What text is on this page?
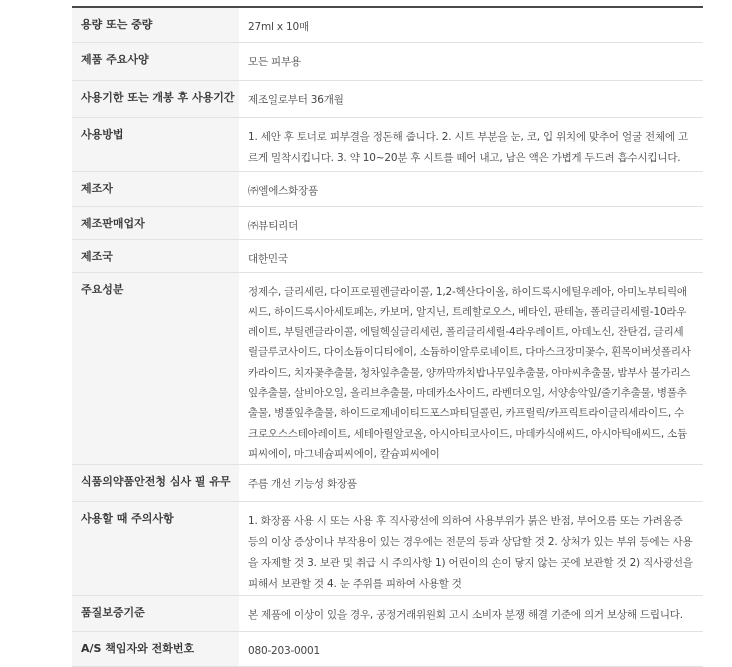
용량 또는 중량	27ml x 10매
제품 주요사양	모든 피부용
사용기한 또는 개봉 후 사용기간	제조일로부터 36개월
사용방법	1. 세안 후 토너로 피부결을 정돈해 줍니다. 2. 시트 부분을 눈, 코, 입 위치에 맞추어 얼굴 전체에 고르게 밀착시킵니다. 3. 약 10~20분 후 시트를 떼어 내고, 남은 액은 가볍게 두드려 흡수시킵니다.
제조자	㈜엘에스화장품
제조판매업자	㈜뷰티리더
제조국	대한민국
주요성분	정제수, 글리세린, 다이프로필렌글라이콜, 1,2-헥산다이올, 하이드록시에틸우레아, 아미노부티릭애씨드, 하이드록시아세토페논, 카보머, 알지닌, 트레할로오스, 베타인, 판테놀, 폴리글리세릴-10라우레이트, 부틸렌글라이콜, 에틸헥실글리세린, 폴리글리세릴-4라우레이트, 아데노신, 잔탄검, 글리세릴글루코사이드, 다이소듐이디티에이, 소듐하이알루로네이트, 다마스크장미꽃수, 흰목이버섯폴리사카라이드, 치자꽃추출물, 청차잎추출물, 양까막까치밥나무잎추출물, 아마씨추출물, 밤부사 불가리스잎추출물, 살비아오일, 올리브추출물, 마데카소사이드, 라벤더오일, 서양송악잎/줄기추출물, 병풀추출물, 병풀잎추출물, 하이드로제네이티드포스파티딜콜린, 카프릴릭/카프릭트라이글리세라이드, 수크로오스스테아레이트, 세테아릴알코올, 아시아티코사이드, 마데카식애씨드, 아시아틱애씨드, 소듐피씨에이, 마그네슘피씨에이, 칼슘피씨에이
식품의약품안전청 심사 필 유무	주름 개선 기능성 화장품
사용할 때 주의사항	1. 화장품 사용 시 또는 사용 후 직사광선에 의하여 사용부위가 붉은 반점, 부어오름 또는 가려움증 등의 이상 증상이나 부작용이 있는 경우에는 전문의 등과 상담할 것 2. 상처가 있는 부위 등에는 사용을 자제할 것 3. 보관 및 취급 시 주의사항 1) 어린이의 손이 닿지 않는 곳에 보관할 것 2) 직사광선을 피해서 보관할 것 4. 눈 주위를 피하여 사용할 것
품질보증기준	본 제품에 이상이 있을 경우, 공정거래위원회 고시 소비자 분쟁 해결 기준에 의거 보상해 드립니다.
A/S 책임자와 전화번호	080-203-0001
